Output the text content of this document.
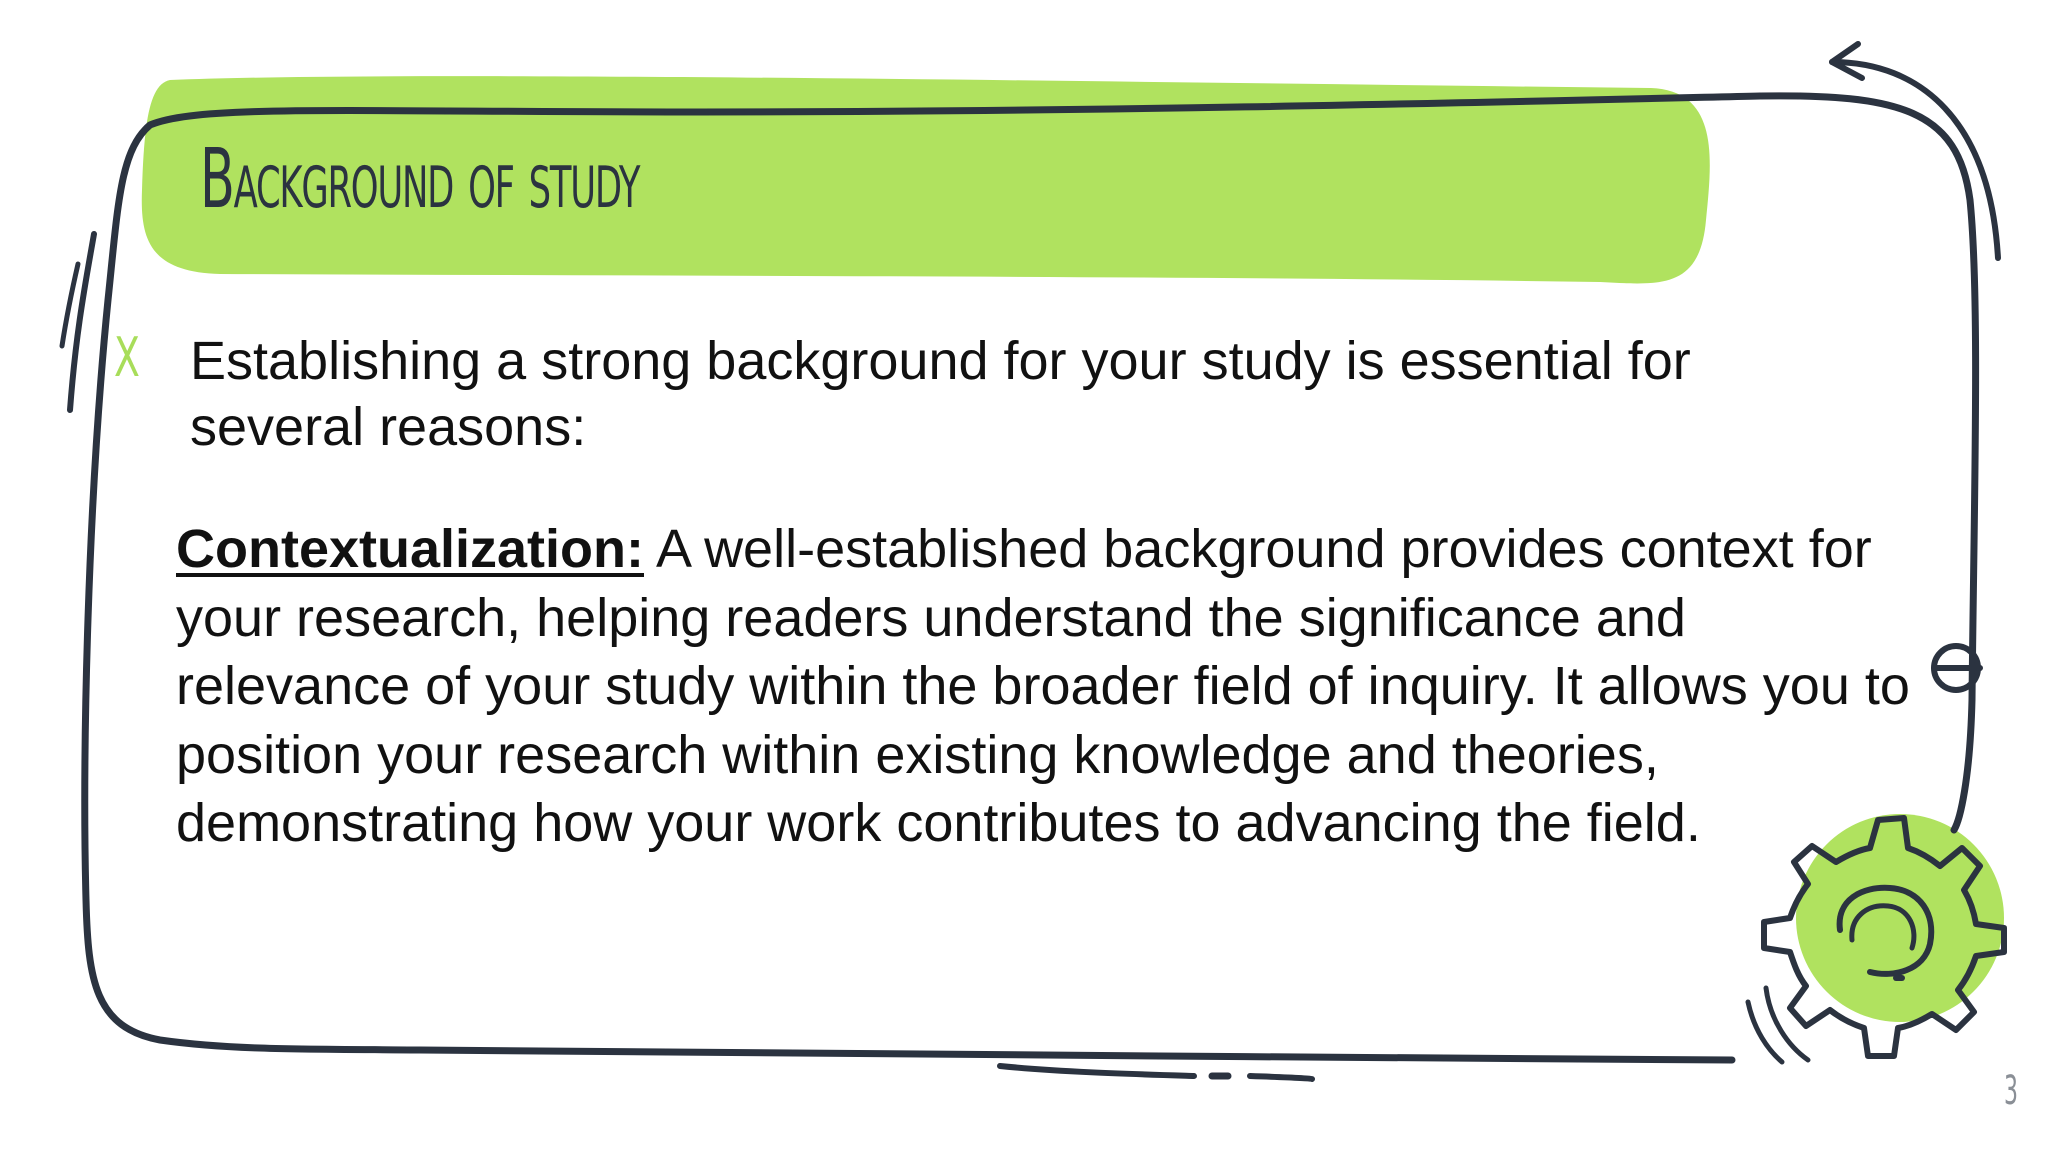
Background of study
X Establishing a strong background for your study is essential for several reasons:

Contextualization: A well-established background provides context for your research, helping readers understand the significance and relevance of your study within the broader field of inquiry. It allows you to position your research within existing knowledge and theories, demonstrating how your work contributes to advancing the field.

3
